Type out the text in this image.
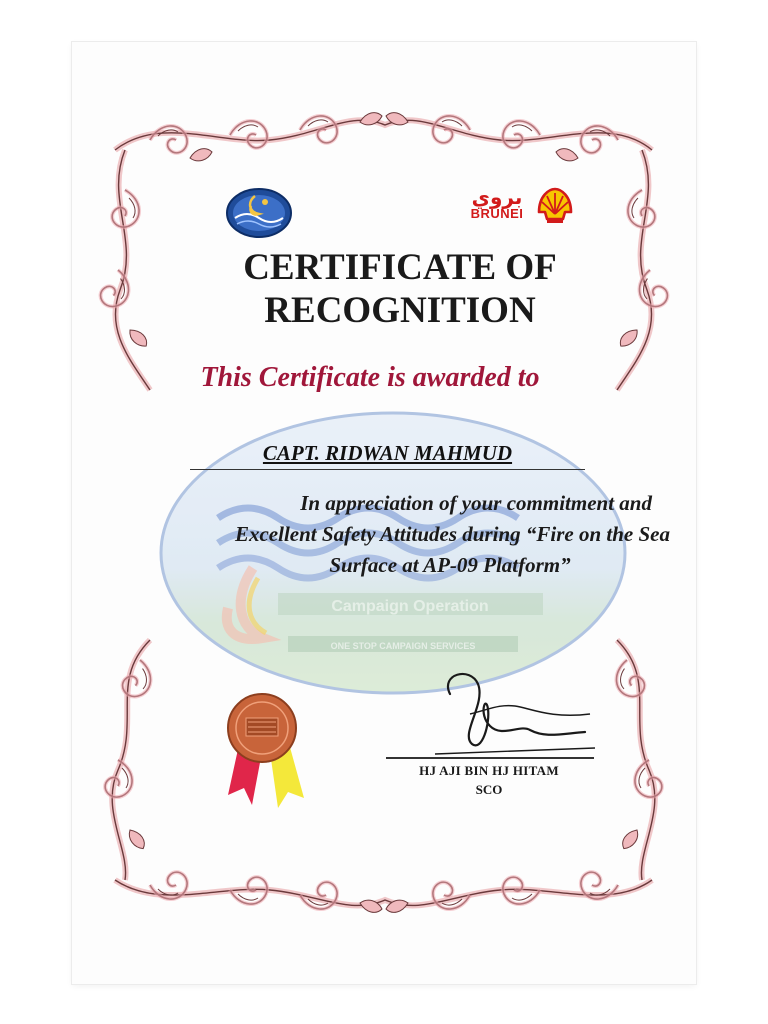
Campaign Operation
ONE STOP CAMPAIGN SERVICES
بروي
BRUNEI
CERTIFICATE OF
RECOGNITION
This Certificate is awarded to
CAPT. RIDWAN MAHMUD
In appreciation of your commitment and
Excellent Safety Attitudes during “Fire on the Sea
Surface at AP-09 Platform”
HJ AJI BIN HJ HITAM
SCO
